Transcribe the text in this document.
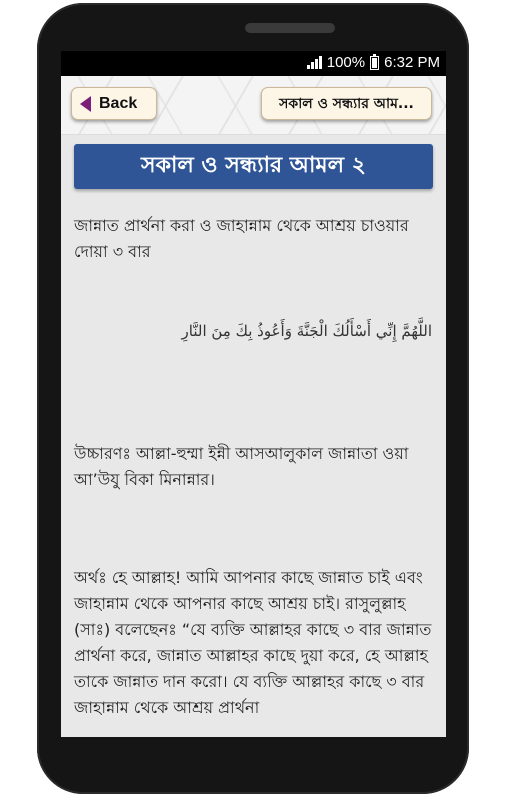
100% 6:32 PM
Back	সকাল ও সন্ধ্যার আম...
সকাল ও সন্ধ্যার আমল ২
জান্নাত প্রার্থনা করা ও জাহান্নাম থেকে আশ্রয় চাওয়ার দোয়া ৩ বার
اللَّهُمَّ إِنِّي أَسْأَلُكَ الْجَنَّةَ وَأَعُوذُ بِكَ مِنَ النَّارِ
উচ্চারণঃ আল্লা-হুম্মা ইন্নী আসআলুকাল জান্নাতা ওয়া আ’উযু বিকা মিনান্নার।
অর্থঃ হে আল্লাহ! আমি আপনার কাছে জান্নাত চাই এবং জাহান্নাম থেকে আপনার কাছে আশ্রয় চাই। রাসুলুল্লাহ (সাঃ) বলেছেনঃ “যে ব্যক্তি আল্লাহর কাছে ৩ বার জান্নাত প্রার্থনা করে, জান্নাত আল্লাহর কাছে দুয়া করে, হে আল্লাহ তাকে জান্নাত দান করো। যে ব্যক্তি আল্লাহর কাছে ৩ বার জাহান্নাম থেকে আশ্রয় প্রার্থনা
